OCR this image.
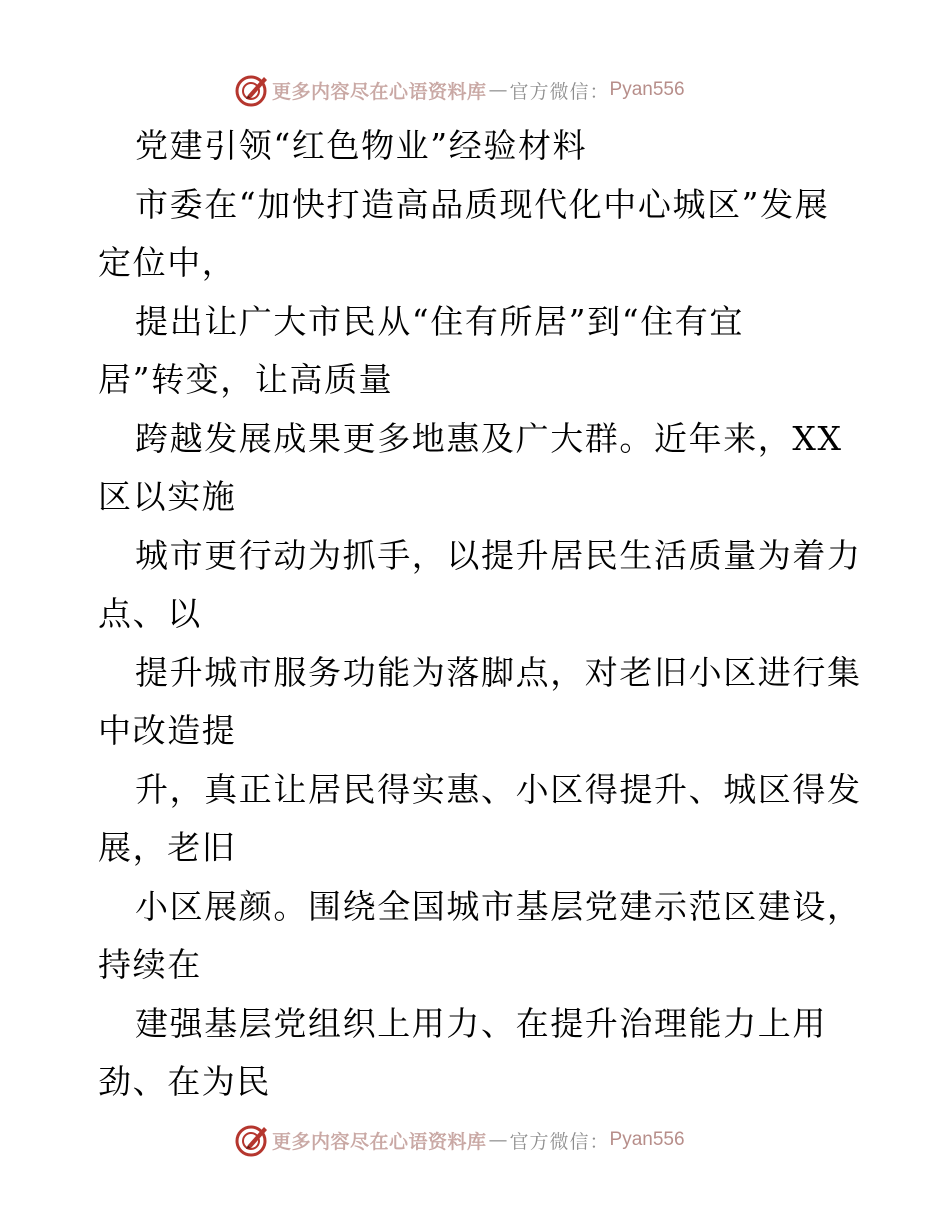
更多内容尽在心语资料库 — 官方微信： Pyan556

党建引领“红色物业”经验材料

市委在“加快打造高品质现代化中心城区”发展

定位中，

提出让广大市民从“住有所居”到“住有宜

居”转变，让高质量

跨越发展成果更多地惠及广大群。近年来，XX

区以实施

城市更行动为抓手，以提升居民生活质量为着力

点、以

提升城市服务功能为落脚点，对老旧小区进行集

中改造提

升，真正让居民得实惠、小区得提升、城区得发

展，老旧

小区展颜。围绕全国城市基层党建示范区建设，

持续在

建强基层党组织上用力、在提升治理能力上用

劲、在为民

更多内容尽在心语资料库 — 官方微信： Pyan556
